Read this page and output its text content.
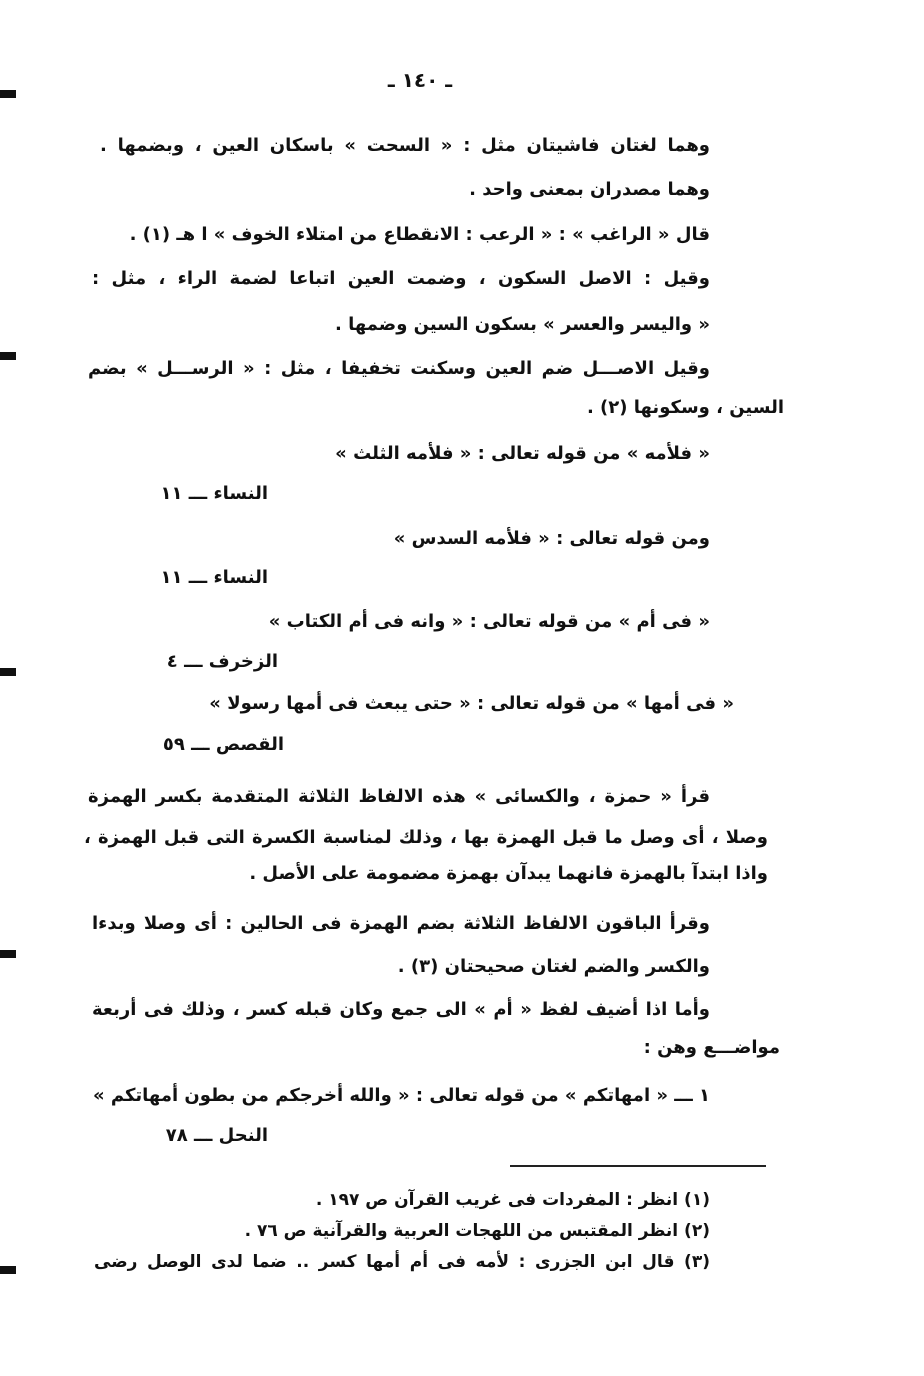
ـ ١٤٠ ـ
وهما لغتان فاشيتان مثل : « السحت » باسكان العين ، وبضمها .
وهما مصدران بمعنى واحد .
قال « الراغب » : « الرعب : الانقطاع من امتلاء الخوف » ا هـ (١) .
وقيل : الاصل السكون ، وضمت العين اتباعا لضمة الراء ، مثل :
« واليسر والعسر » بسكون السين وضمها .
وقيل الاصـــل ضم العين وسكنت تخفيفا ، مثل : « الرســـل » بضم
السين ، وسكونها (٢) .
« فلأمه » من قوله تعالى : « فلأمه الثلث »
النساء ـــ ١١
ومن قوله تعالى : « فلأمه السدس »
النساء ـــ ١١
« فى أم » من قوله تعالى : « وانه فى أم الكتاب »
الزخرف ـــ ٤
« فى أمها » من قوله تعالى : « حتى يبعث فى أمها رسولا »
القصص ـــ ٥٩
قرأ « حمزة ، والكسائى » هذه الالفاظ الثلاثة المتقدمة بكسر الهمزة
وصلا ، أى وصل ما قبل الهمزة بها ، وذلك لمناسبة الكسرة التى قبل الهمزة ،
واذا ابتدآ بالهمزة فانهما يبدآن بهمزة مضمومة على الأصل .
وقرأ الباقون الالفاظ الثلاثة بضم الهمزة فى الحالين : أى وصلا وبدءا
والكسر والضم لغتان صحيحتان (٣) .
وأما اذا أضيف لفظ « أم » الى جمع وكان قبله كسر ، وذلك فى أربعة
مواضـــع وهن :
١ ـــ « امهاتكم » من قوله تعالى : « والله أخرجكم من بطون أمهاتكم »
النحل ـــ ٧٨
(١) انظر : المفردات فى غريب القرآن ص ١٩٧ .
(٢) انظر المقتبس من اللهجات العربية والقرآنية ص ٧٦ .
(٣) قال ابن الجزرى : لأمه فى أم أمها كسر .. ضما لدى الوصل رضى
